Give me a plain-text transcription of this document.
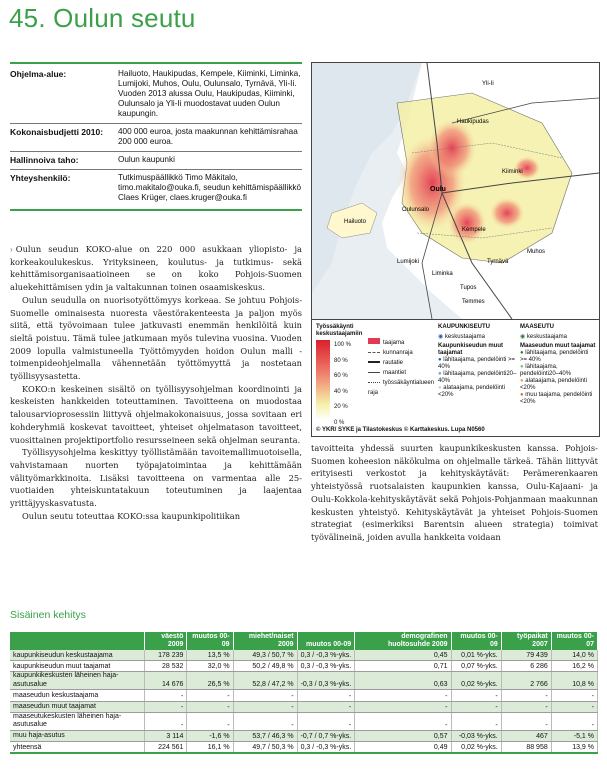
45. Oulun seutu
Ohjelma-alue:	Hailuoto, Haukipudas, Kempele, Kiiminki, Liminka, Lumijoki, Muhos, Oulu, Oulunsalo, Tyrnävä, Yli-Ii. Vuoden 2013 alussa Oulu, Haukipudas, Kiiminki, Oulunsalo ja Yli-Ii muodostavat uuden Oulun kaupungin.
Kokonaisbudjetti 2010:	400 000 euroa, josta maakunnan kehittämisrahaa 200 000 euroa.
Hallinnoiva taho:	Oulun kaupunki
Yhteyshenkilö:	Tutkimuspäällikkö Timo Mäkitalo, timo.makitalo@ouka.fi, seudun kehittämispäällikkö Claes Krüger, claes.kruger@ouka.fi

› Oulun seudun KOKO-alue on 220 000 asukkaan yliopisto- ja korkeakoulukeskus. Yrityksineen, koulutus- ja tutkimus- sekä kehittämisorganisaatioineen se on koko Pohjois-Suomen aluekehittämisen ydin ja valtakunnan toinen osaamiskeskus.

Oulun seudulla on nuorisotyöttömyys korkeaa. Se johtuu Pohjois-Suomelle ominaisesta nuoresta väestörakenteesta ja paljon myös siitä, että työvoimaan tulee jatkuvasti enemmän henkilöitä kuin sieltä poistuu. Tämä tulee jatkumaan myös tulevina vuosina. Vuoden 2009 lopulla valmistuneella Työttömyyden hoidon Oulun malli -toimenpideohjelmalla vähennetään työttömyyttä ja nostetaan työllisyysastetta.

KOKO:n keskeinen sisältö on työllisyysohjelman koordinointi ja keskeisten hankkeiden toteuttaminen. Tavoitteena on muodostaa talousarvioprosessiin liittyvä ohjelmakokonaisuus, jossa sovitaan eri kohderyhmiä koskevat tavoitteet, yhteiset ohjelmatason tavoitteet, vuosittainen projektiportfolio resursseineen sekä ohjelman seuranta.

Työllisyysohjelma keskittyy työllistämään tavoitemallimuotoisella, vahvistamaan nuorten työpajatoimintaa ja kehittämään välityömarkkinoita. Lisäksi tavoitteena on varmentaa alle 25-vuotiaiden yhteiskuntatakuun toteutuminen ja laajentaa yrittäjyyskasvatusta.

Oulun seutu toteuttaa KOKO:ssa kaupunkipolitiikan

tavoitteita yhdessä suurten kaupunkikeskusten kanssa. Pohjois-Suomen koheesion näkökulma on ohjelmalle tärkeä. Tähän liittyvät erityisesti verkostot ja kehityskäytävät: Perämerenkaaren yhteistyössä ruotsalaisten kaupunkien kanssa, Oulu-Kajaani- ja Oulu-Kokkola-kehityskäytävät sekä Pohjois-Pohjanmaan maakunnan keskusten yhteistyö. Kehityskäytävät ja yhteiset Pohjois-Suomen strategiat (esimerkiksi Barentsin alueen strategia) toimivat työvälineinä, joiden avulla hankkeita voidaan

Hailuoto
Oulu
Kiiminki
Muhos
Kempele
Liminka
Lumijoki	Tyrnävä
Haukipudas
Yli-Ii
Oulunsalo
Tupos
Temmes
Työssäkäynti keskustaajamiin
100 %
80 %
60 %
40 %
20 %
0 %
taajama
kunnanraja
rautatie
maantiet
työssäkäyntialueen raja
KAUPUNKISEUTU
◉ keskustaajama
Kaupunkiseudun muut taajamat
● lähitaajama, pendelöinti >= 40%
● lähitaajama, pendelöinti20–40%
● alataajama, pendelöinti <20%
MAASEUTU
◉ keskustaajama
Maaseudun muut taajamat
● lähitaajama, pendelöinti >= 40%
● lähitaajama, pendelöinti20–40%
● alataajama, pendelöinti <20%
● muu taajama, pendelöinti <20%
© YKR/ SYKE ja Tilastokeskus © Karttakeskus. Lupa N0560
Sisäinen kehitys
	väestö 2009	muutos 00-09	miehet/naiset 2009	muutos 00-09	demografinen huoltosuhde 2009	muutos 00-09	työpaikat 2007	muutos 00-07
kaupunkiseudun keskustaajama	178 239	13,5 %	49,3 / 50,7 %	0,3 / -0,3 %-yks.	0,45	0,01 %-yks.	79 439	14,0 %
kaupunkiseudun muut taajamat	28 532	32,0 %	50,2 / 49,8 %	0,3 / -0,3 %-yks.	0,71	0,07 %-yks.	6 286	16,2 %
kaupunkikeskusten läheinen haja-asutusalue	14 676	26,5 %	52,8 / 47,2 %	-0,3 / 0,3 %-yks.	0,63	0,02 %-yks.	2 766	10,8 %
maaseudun keskustaajama	-	-	-	-	-	-	-	-
maaseudun muut taajamat	-	-	-	-	-	-	-	-
maaseutukeskusten läheinen haja-asutusalue	-	-	-	-	-	-	-	-
muu haja-asutus	3 114	-1,6 %	53,7 / 46,3 %	-0,7 / 0,7 %-yks.	0,57	-0,03 %-yks.	467	-5,1 %
yhteensä	224 561	16,1 %	49,7 / 50,3 %	0,3 / -0,3 %-yks.	0,49	0,02 %-yks.	88 958	13,9 %
